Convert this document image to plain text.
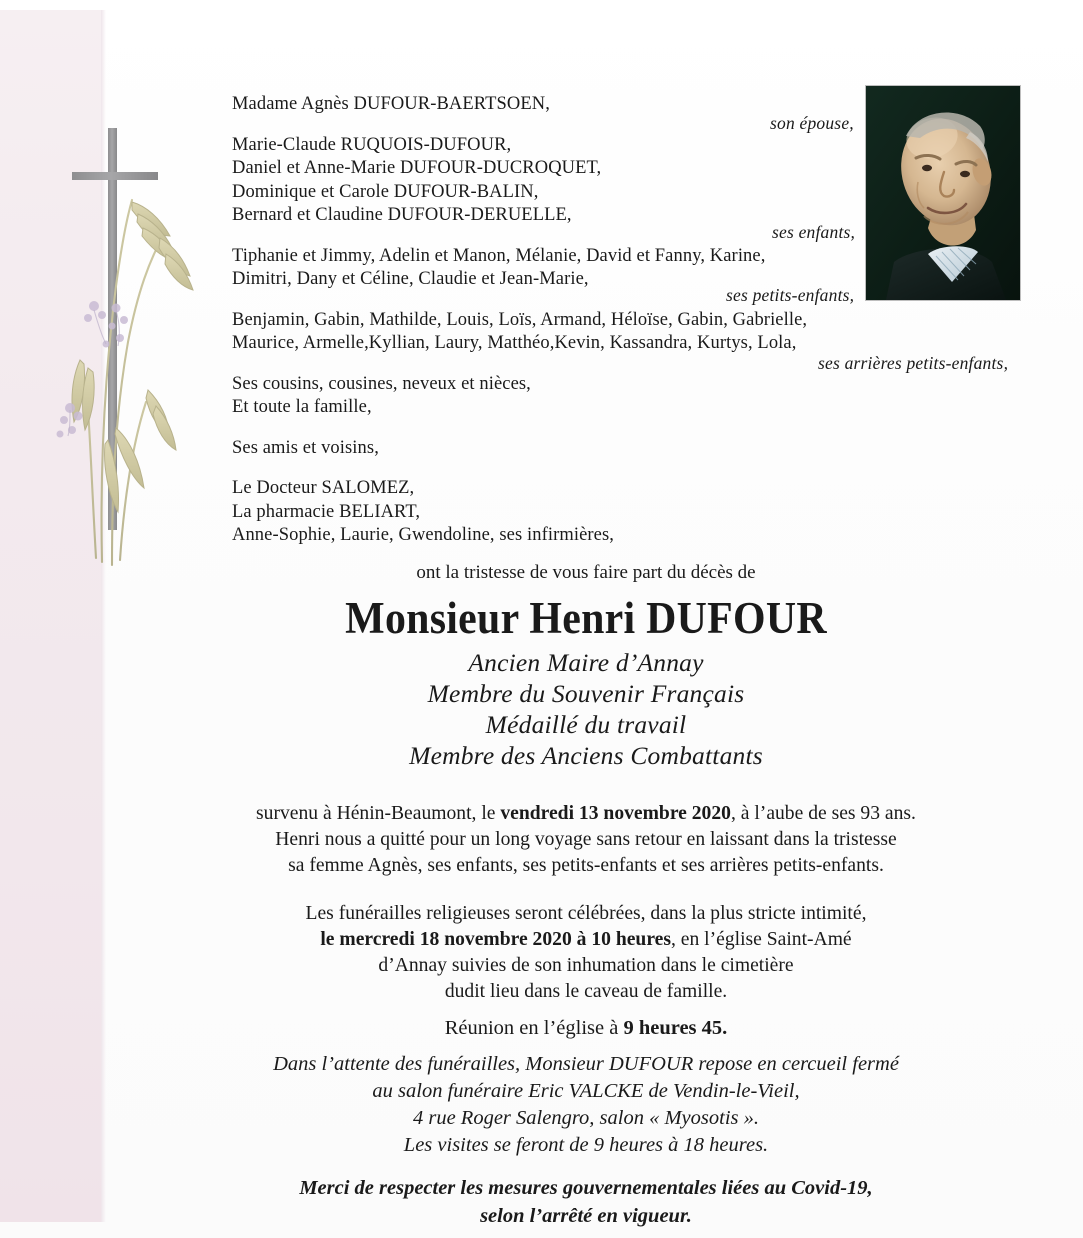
Madame Agnès DUFOUR-BAERTSOEN,
Marie-Claude RUQUOIS-DUFOUR,
Daniel et Anne-Marie DUFOUR-DUCROQUET,
Dominique et Carole DUFOUR-BALIN,
Bernard et Claudine DUFOUR-DERUELLE,
Tiphanie et Jimmy, Adelin et Manon, Mélanie, David et Fanny, Karine,
Dimitri, Dany et Céline, Claudie et Jean-Marie,
Benjamin, Gabin, Mathilde, Louis, Loïs, Armand, Héloïse, Gabin, Gabrielle,
Maurice, Armelle,Kyllian, Laury, Matthéo,Kevin, Kassandra, Kurtys, Lola,
Ses cousins, cousines, neveux et nièces,
Et toute la famille,
Ses amis et voisins,
Le Docteur SALOMEZ,
La pharmacie BELIART,
Anne-Sophie, Laurie, Gwendoline, ses infirmières,
son épouse,
ses enfants,
ses petits-enfants,
ses arrières petits-enfants,
ont la tristesse de vous faire part du décès de
Monsieur Henri DUFOUR
Ancien Maire d’Annay
Membre du Souvenir Français
Médaillé du travail
Membre des Anciens Combattants
survenu à Hénin-Beaumont, le vendredi 13 novembre 2020, à l’aube de ses 93 ans.
Henri nous a quitté pour un long voyage sans retour en laissant dans la tristesse
sa femme Agnès, ses enfants, ses petits-enfants et ses arrières petits-enfants.
Les funérailles religieuses seront célébrées, dans la plus stricte intimité,
le mercredi 18 novembre 2020 à 10 heures, en l’église Saint-Amé
d’Annay suivies de son inhumation dans le cimetière
dudit lieu dans le caveau de famille.
Réunion en l’église à 9 heures 45.
Dans l’attente des funérailles, Monsieur DUFOUR repose en cercueil fermé
au salon funéraire Eric VALCKE de Vendin-le-Vieil,
4 rue Roger Salengro, salon « Myosotis ».
Les visites se feront de 9 heures à 18 heures.
Merci de respecter les mesures gouvernementales liées au Covid-19,
selon l’arrêté en vigueur.
